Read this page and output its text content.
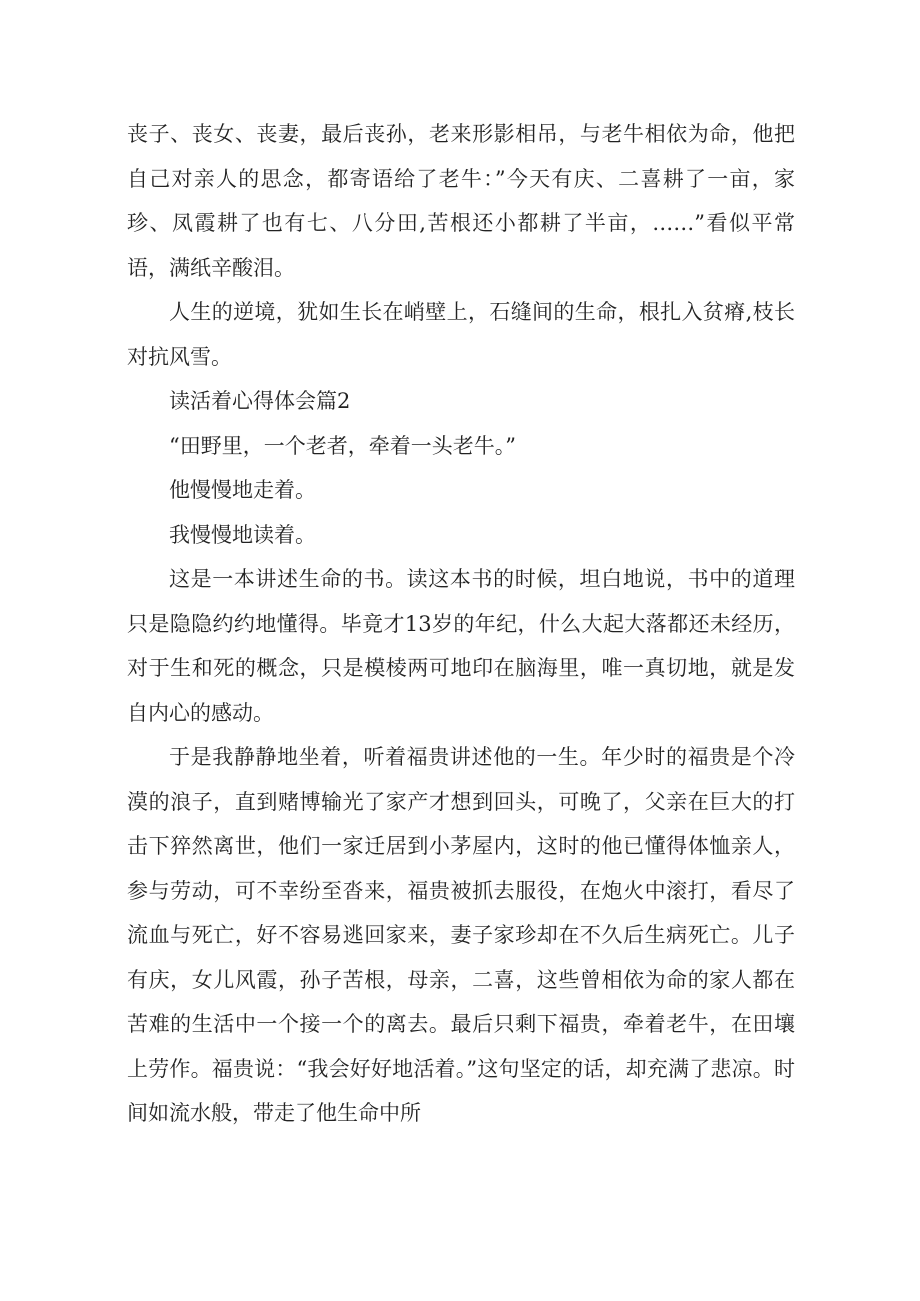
丧子、丧女、丧妻，最后丧孙，老来形影相吊，与老牛相依为命，他把自己对亲人的思念，都寄语给了老牛：”今天有庆、二喜耕了一亩，家珍、凤霞耕了也有七、八分田,苦根还小都耕了半亩，……”看似平常语，满纸辛酸泪。

人生的逆境，犹如生长在峭壁上，石缝间的生命，根扎入贫瘠,枝长对抗风雪。

读活着心得体会篇2

“田野里，一个老者，牵着一头老牛。”

他慢慢地走着。

我慢慢地读着。

这是一本讲述生命的书。读这本书的时候，坦白地说，书中的道理只是隐隐约约地懂得。毕竟才13岁的年纪，什么大起大落都还未经历，对于生和死的概念，只是模棱两可地印在脑海里，唯一真切地，就是发自内心的感动。

于是我静静地坐着，听着福贵讲述他的一生。年少时的福贵是个冷漠的浪子，直到赌博输光了家产才想到回头，可晚了，父亲在巨大的打击下猝然离世，他们一家迁居到小茅屋内，这时的他已懂得体恤亲人，参与劳动，可不幸纷至沓来，福贵被抓去服役，在炮火中滚打，看尽了流血与死亡，好不容易逃回家来，妻子家珍却在不久后生病死亡。儿子有庆，女儿风霞，孙子苦根，母亲，二喜，这些曾相依为命的家人都在苦难的生活中一个接一个的离去。最后只剩下福贵，牵着老牛，在田壤上劳作。福贵说：“我会好好地活着。”这句坚定的话，却充满了悲凉。时间如流水般，带走了他生命中所
